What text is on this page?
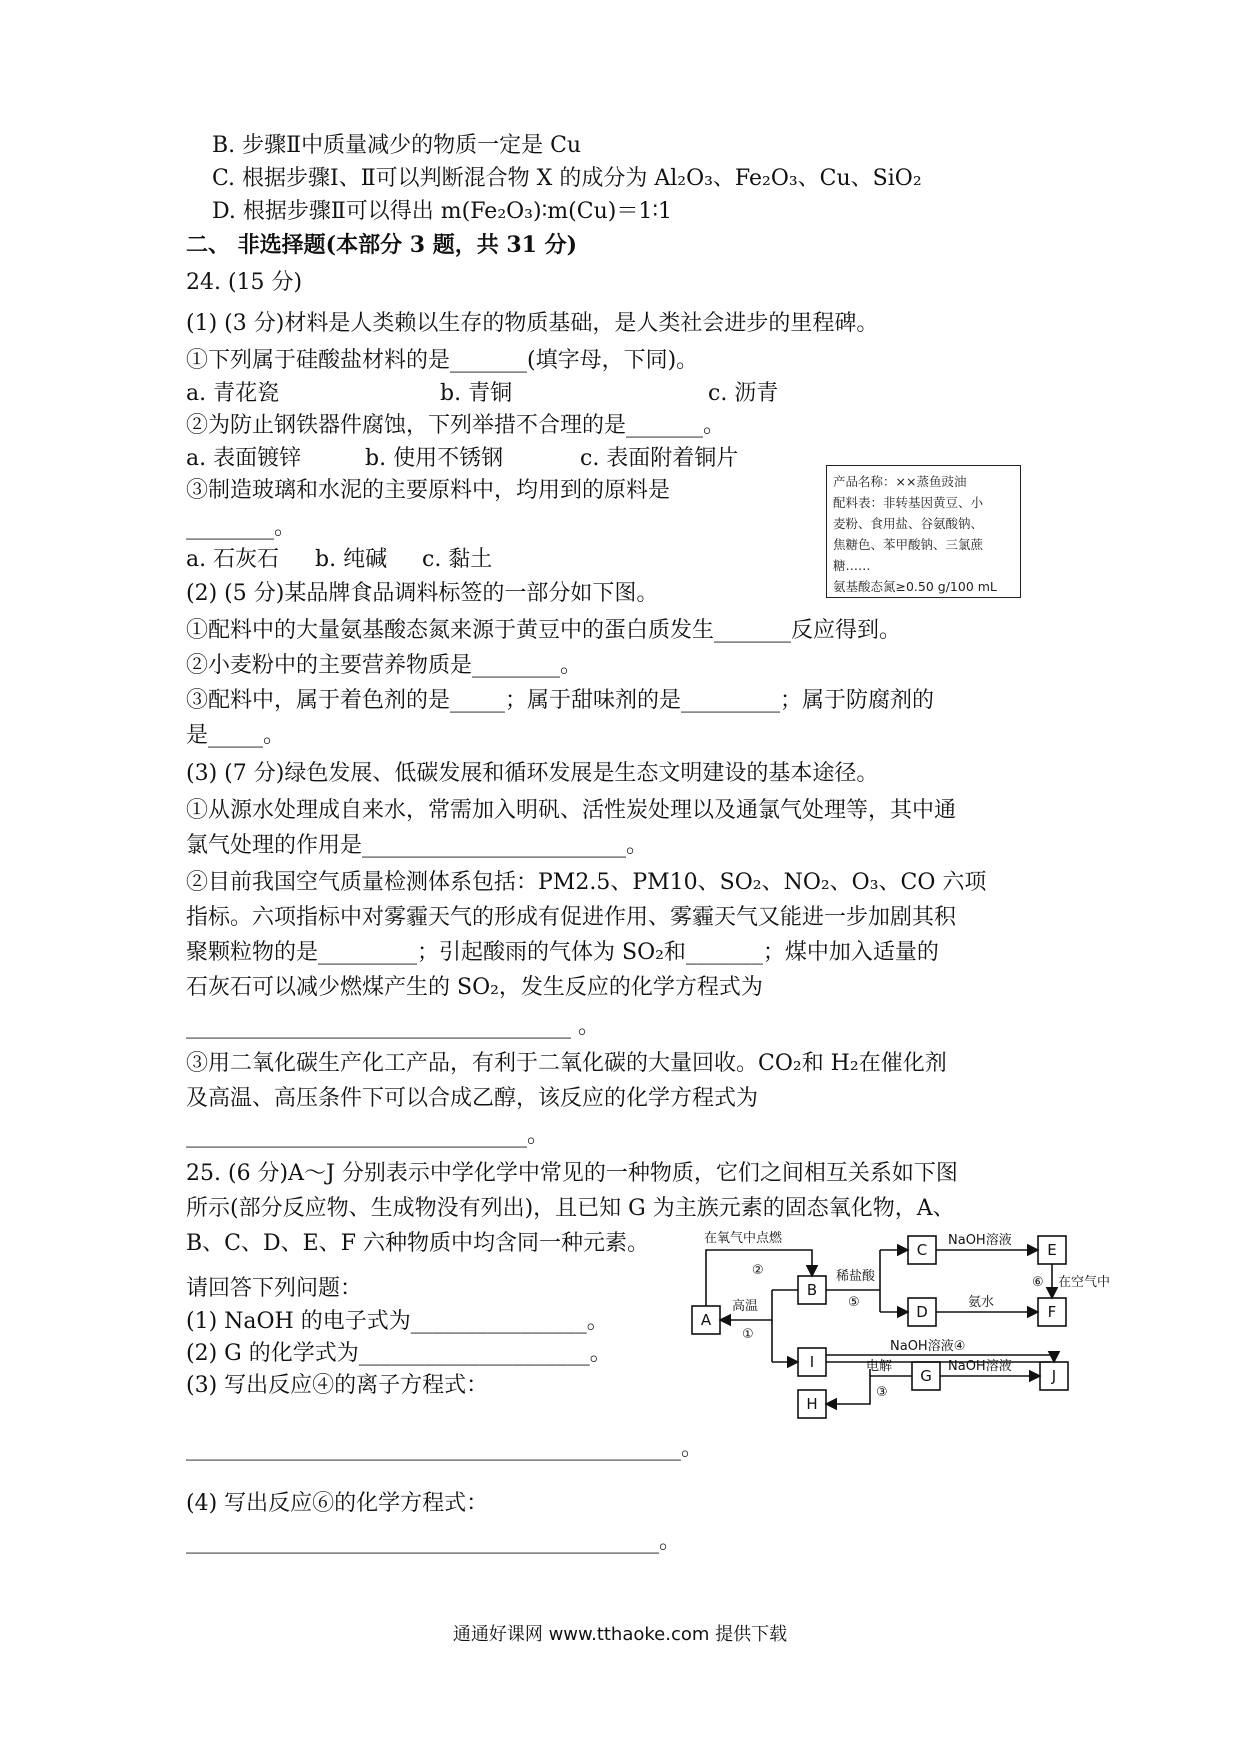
B. 步骤Ⅱ中质量减少的物质一定是 Cu
C. 根据步骤Ⅰ、Ⅱ可以判断混合物 X 的成分为 Al₂O₃、Fe₂O₃、Cu、SiO₂
D. 根据步骤Ⅱ可以得出 m(Fe₂O₃)∶m(Cu)＝1∶1
二、 非选择题(本部分 3 题，共 31 分)
24. (15 分)
(1) (3 分)材料是人类赖以生存的物质基础，是人类社会进步的里程碑。
①下列属于硅酸盐材料的是_______(填字母，下同)。
②为防止钢铁器件腐蚀，下列举措不合理的是_______。
③制造玻璃和水泥的主要原料中，均用到的原料是
________。
(2) (5 分)某品牌食品调料标签的一部分如下图。
①配料中的大量氨基酸态氮来源于黄豆中的蛋白质发生_______反应得到。
②小麦粉中的主要营养物质是________。
③配料中，属于着色剂的是_____；属于甜味剂的是_________；属于防腐剂的
是_____。
(3) (7 分)绿色发展、低碳发展和循环发展是生态文明建设的基本途径。
①从源水处理成自来水，常需加入明矾、活性炭处理以及通氯气处理等，其中通
氯气处理的作用是________________________。
②目前我国空气质量检测体系包括：PM2.5、PM10、SO₂、NO₂、O₃、CO 六项
指标。六项指标中对雾霾天气的形成有促进作用、雾霾天气又能进一步加剧其积
聚颗粒物的是_________；引起酸雨的气体为 SO₂和_______；煤中加入适量的
石灰石可以减少燃煤产生的 SO₂，发生反应的化学方程式为
___________________________________ 。
③用二氧化碳生产化工产品，有利于二氧化碳的大量回收。CO₂和 H₂在催化剂
及高温、高压条件下可以合成乙醇，该反应的化学方程式为
_______________________________。
25. (6 分)A～J 分别表示中学化学中常见的一种物质，它们之间相互关系如下图
所示(部分反应物、生成物没有列出)，且已知 G 为主族元素的固态氧化物，A、
B、C、D、E、F 六种物质中均含同一种元素。
请回答下列问题：
(1) NaOH 的电子式为________________。
(2) G 的化学式为_____________________。
(3) 写出反应④的离子方程式：
_____________________________________________。
(4) 写出反应⑥的化学方程式：
___________________________________________。
a. 青花瓷	b. 青铜	c. 沥青
a. 表面镀锌	b. 使用不锈钢	c. 表面附着铜片
a. 石灰石 b. 纯碱 c. 黏土
产品名称：××蒸鱼豉油
配料表：非转基因黄豆、小
麦粉、食用盐、谷氨酸钠、
焦糖色、苯甲酸钠、三氯蔗
糖……
氨基酸态氮≥0.50 g/100 mL
A
B
C
D
E
F
I
H
G	J
在氧气中点燃
②
高温
①
稀盐酸
⑤
NaOH溶液
氨水
⑥ 在空气中
NaOH溶液④
电解
③
NaOH溶液
通通好课网 www.tthaoke.com 提供下载
